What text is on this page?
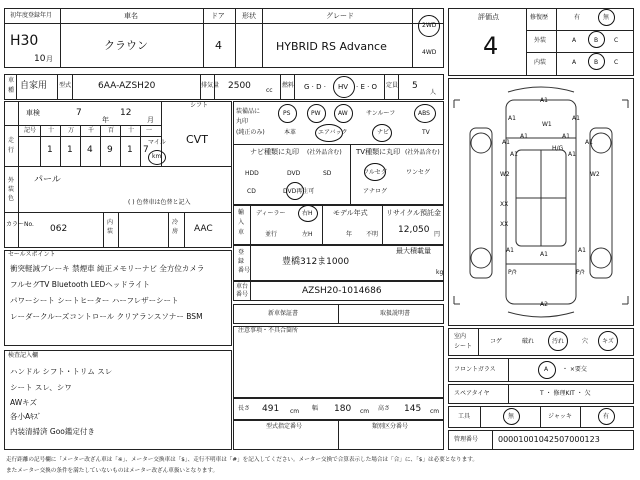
初年度登録年月
H30
10 月
車名
クラウン
ドア
4
形状	グレード
HYBRID RS Advance
2WD
4WD
車
種 自家用 型式	6AA-AZSH20	排気量 2500	cc
燃料 G · D · HV · E · O 定員 5
人
車検	7
年
12
月
シフト
CVT
走
行
記号 十 万 千 百 十 一
1 1 4 9 1 7
マイル
km
外
装
色
パール
( ) 色替車は色替と記入
カラーNo. 062
内
装
冷
房 AAC
セールスポイント
衝突軽減ブレーキ 禁煙車 純正メモリーナビ 全方位カメラ
フルセグTV Bluetooth LEDヘッドライト
パワーシート シートヒーター ハーフレザーシート
レーダークルーズコントロール クリアランスソナー BSM
検査記入欄
ハンドル シフト・トリム スレ
シート スレ、シワ
AWキズ
各小Aｷｽﾞ
内装清掃済 Goo鑑定付き
装備品に
丸印
(純正のみ)
PS	PW	AW	サンルーフ	ABS
本革	エアバック	ナビ	TV
ナビ種類に丸印 (社外品含む)
HDD	DVD	SD
CD	DVD再生可
TV種類に丸印 (社外品含む)
フルセグ	ワンセグ
アナログ
輸
入
車
ディーラー	右H
並行	左H
モデル年式
年 不明
リサイクル預託金
12,050 円
登
録
番号
最大積載量
豊橋312ま1000
kg
車台
番号	AZSH20-1014686
新車保証書	取扱説明書
注意事項・不具合箇所
長さ 491 cm 幅 180 cm 高さ 145 cm
型式指定番号	類別区分番号
評価点
4
修復歴	有	無
外装	A	B	C
内装	A	B	C
A1
A1	A1
W1
A1
A1	A1
A1
A1	A1
H/G
W2	W2
XX
XX
A1	A1
A1
A2
P/ｷ	P/ｷ
室内
シート
コゲ	破れ	汚れ	穴 キズ
フロントガラス	A ・ ×要交
スペアタイヤ	T ・ 修理KIT ・ 欠
工具	無	ジャッキ	有
管理番号 00001001042507000123
走行距離の記号欄に「メーター改ざん車は「※」、メーター交換車は「$」、走行不明車は「#」を記入してください。メーター交換で合算表示した場合は「合」に、「$」は必要となります。
またメーター交換の条件を満たしていないものはメーター改ざん車扱いとなります。
